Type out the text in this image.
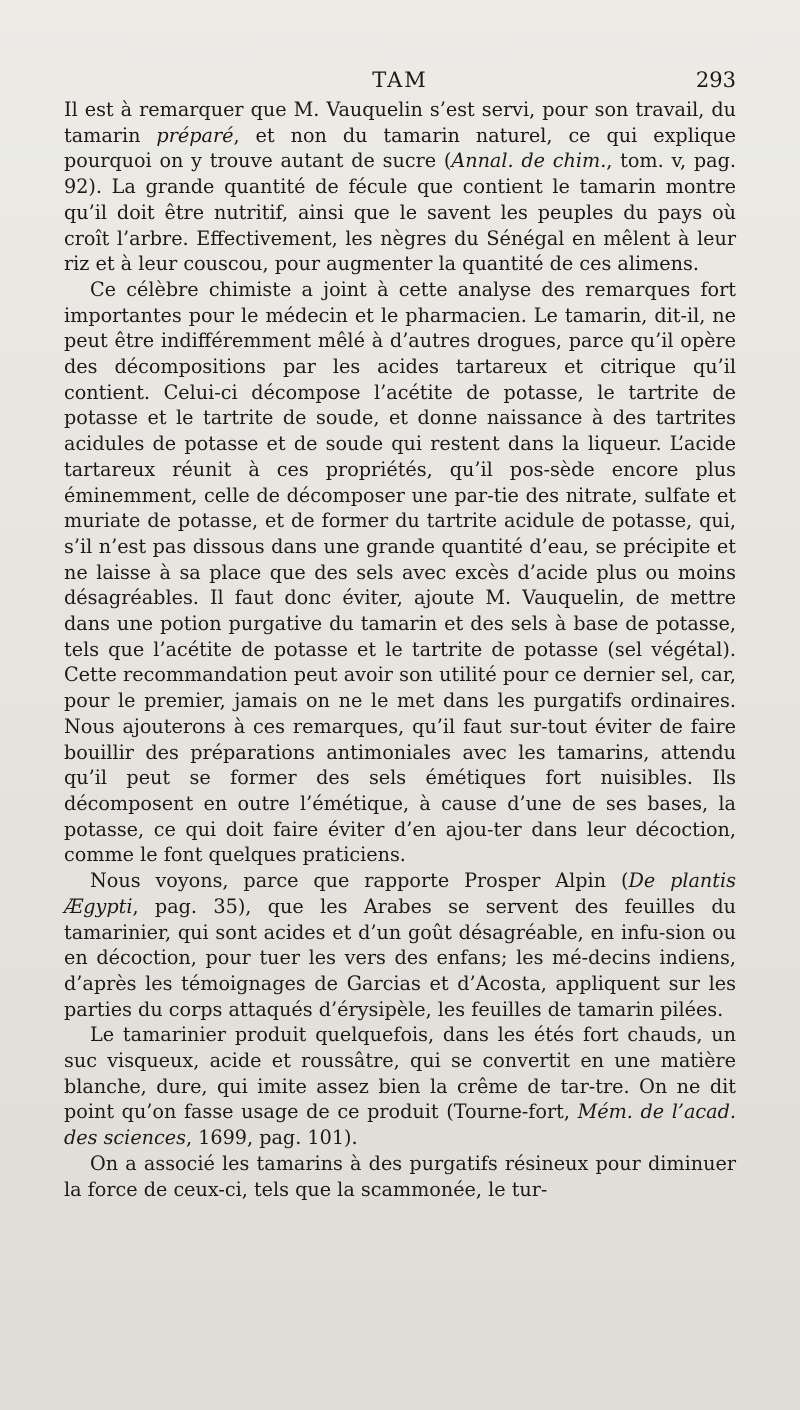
TAM	293

Il est à remarquer que M. Vauquelin s’est servi, pour son travail, du tamarin préparé, et non du tamarin naturel, ce qui explique pourquoi on y trouve autant de sucre (Annal. de chim., tom. v, pag. 92). La grande quantité de fécule que contient le tamarin montre qu’il doit être nutritif, ainsi que le savent les peuples du pays où croît l’arbre. Effectivement, les nègres du Sénégal en mêlent à leur riz et à leur couscou, pour augmenter la quantité de ces alimens.

Ce célèbre chimiste a joint à cette analyse des remarques fort importantes pour le médecin et le pharmacien. Le tamarin, dit-il, ne peut être indifféremment mêlé à d’autres drogues, parce qu’il opère des décompositions par les acides tartareux et citrique qu’il contient. Celui-ci décompose l’acétite de potasse, le tartrite de potasse et le tartrite de soude, et donne naissance à des tartrites acidules de potasse et de soude qui restent dans la liqueur. L’acide tartareux réunit à ces propriétés, qu’il pos-sède encore plus éminemment, celle de décomposer une par-tie des nitrate, sulfate et muriate de potasse, et de former du tartrite acidule de potasse, qui, s’il n’est pas dissous dans une grande quantité d’eau, se précipite et ne laisse à sa place que des sels avec excès d’acide plus ou moins désagréables. Il faut donc éviter, ajoute M. Vauquelin, de mettre dans une potion purgative du tamarin et des sels à base de potasse, tels que l’acétite de potasse et le tartrite de potasse (sel végétal). Cette recommandation peut avoir son utilité pour ce dernier sel, car, pour le premier, jamais on ne le met dans les purgatifs ordinaires. Nous ajouterons à ces remarques, qu’il faut sur-tout éviter de faire bouillir des préparations antimoniales avec les tamarins, attendu qu’il peut se former des sels émétiques fort nuisibles. Ils décomposent en outre l’émétique, à cause d’une de ses bases, la potasse, ce qui doit faire éviter d’en ajou-ter dans leur décoction, comme le font quelques praticiens.

Nous voyons, parce que rapporte Prosper Alpin (De plantis Ægypti, pag. 35), que les Arabes se servent des feuilles du tamarinier, qui sont acides et d’un goût désagréable, en infu-sion ou en décoction, pour tuer les vers des enfans; les mé-decins indiens, d’après les témoignages de Garcias et d’Acosta, appliquent sur les parties du corps attaqués d’érysipèle, les feuilles de tamarin pilées.

Le tamarinier produit quelquefois, dans les étés fort chauds, un suc visqueux, acide et roussâtre, qui se convertit en une matière blanche, dure, qui imite assez bien la crême de tar-tre. On ne dit point qu’on fasse usage de ce produit (Tourne-fort, Mém. de l’acad. des sciences, 1699, pag. 101).

On a associé les tamarins à des purgatifs résineux pour diminuer la force de ceux-ci, tels que la scammonée, le tur-
